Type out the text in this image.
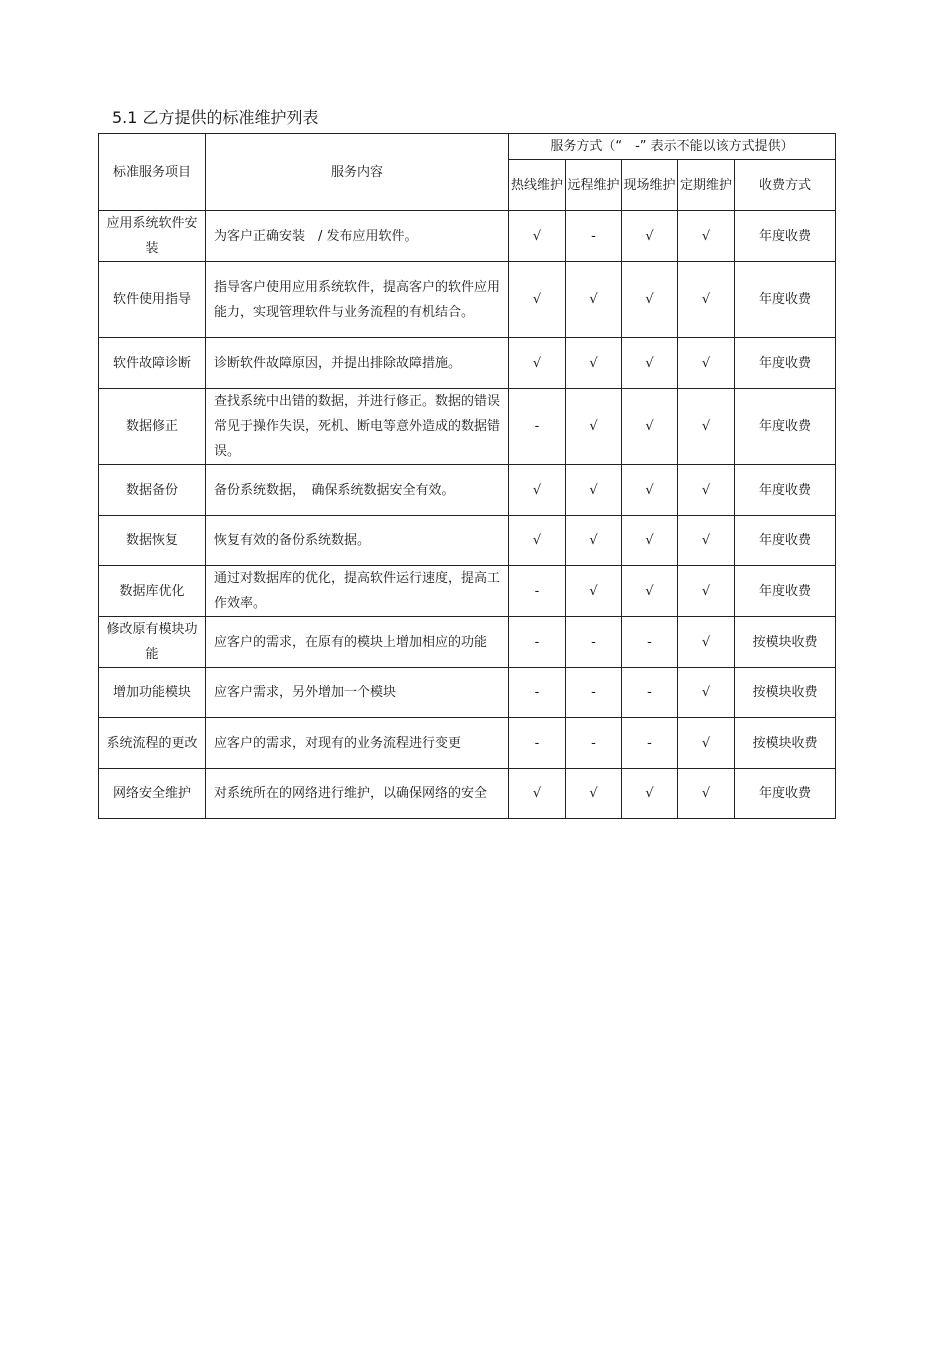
5.1 乙方提供的标准维护列表
标准服务项目	服务内容	服务方式（“　-” 表示不能以该方式提供）				
		热线维护	远程维护	现场维护	定期维护	收费方式
应用系统软件安装	为客户正确安装　/ 发布应用软件。	√	-	√	√	年度收费
软件使用指导	指导客户使用应用系统软件，提高客户的软件应用能力，实现管理软件与业务流程的有机结合。	√	√	√	√	年度收费
软件故障诊断	诊断软件故障原因，并提出排除故障措施。	√	√	√	√	年度收费
数据修正	查找系统中出错的数据，并进行修正。数据的错误常见于操作失误，死机、断电等意外造成的数据错误。	-	√	√	√	年度收费
数据备份	备份系统数据，　确保系统数据安全有效。	√	√	√	√	年度收费
数据恢复	恢复有效的备份系统数据。	√	√	√	√	年度收费
数据库优化	通过对数据库的优化，提高软件运行速度，提高工作效率。	-	√	√	√	年度收费
修改原有模块功能	应客户的需求，在原有的模块上增加相应的功能	-	-	-	√	按模块收费
增加功能模块	应客户需求，另外增加一个模块	-	-	-	√	按模块收费
系统流程的更改	应客户的需求，对现有的业务流程进行变更	-	-	-	√	按模块收费
网络安全维护	对系统所在的网络进行维护，以确保网络的安全	√	√	√	√	年度收费
